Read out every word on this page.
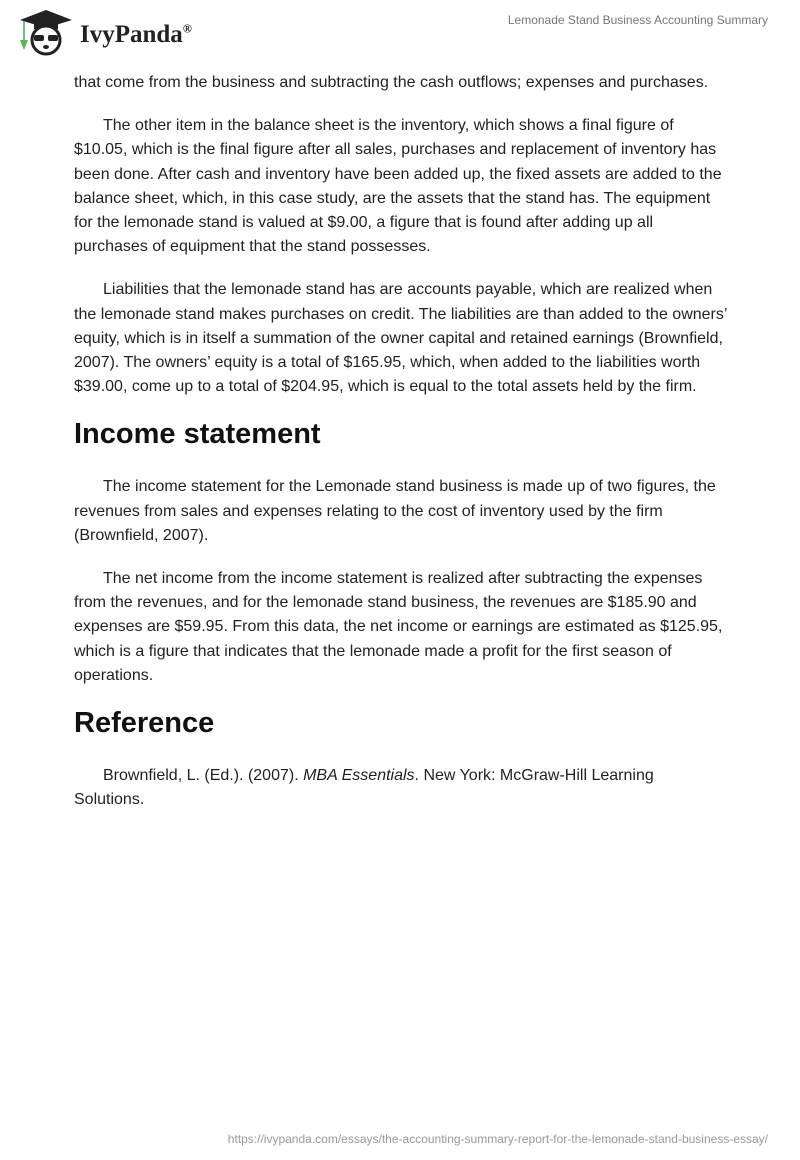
IvyPanda®
Lemonade Stand Business Accounting Summary

that come from the business and subtracting the cash outflows; expenses and purchases.

The other item in the balance sheet is the inventory, which shows a final figure of $10.05, which is the final figure after all sales, purchases and replacement of inventory has been done. After cash and inventory have been added up, the fixed assets are added to the balance sheet, which, in this case study, are the assets that the stand has. The equipment for the lemonade stand is valued at $9.00, a figure that is found after adding up all purchases of equipment that the stand possesses.

Liabilities that the lemonade stand has are accounts payable, which are realized when the lemonade stand makes purchases on credit. The liabilities are than added to the owners’ equity, which is in itself a summation of the owner capital and retained earnings (Brownfield, 2007). The owners’ equity is a total of $165.95, which, when added to the liabilities worth $39.00, come up to a total of $204.95, which is equal to the total assets held by the firm.

Income statement

The income statement for the Lemonade stand business is made up of two figures, the revenues from sales and expenses relating to the cost of inventory used by the firm (Brownfield, 2007).

The net income from the income statement is realized after subtracting the expenses from the revenues, and for the lemonade stand business, the revenues are $185.90 and expenses are $59.95. From this data, the net income or earnings are estimated as $125.95, which is a figure that indicates that the lemonade made a profit for the first season of operations.

Reference

Brownfield, L. (Ed.). (2007). MBA Essentials. New York: McGraw-Hill Learning Solutions.

https://ivypanda.com/essays/the-accounting-summary-report-for-the-lemonade-stand-business-essay/
